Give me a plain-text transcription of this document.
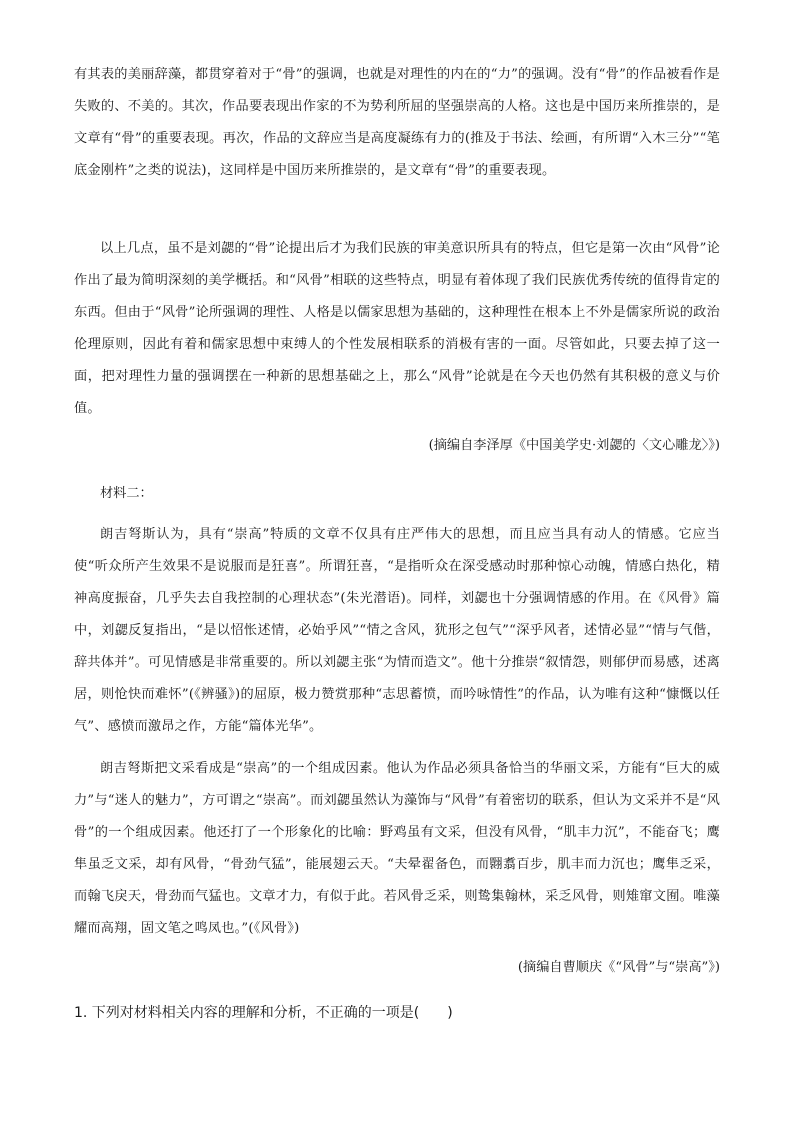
有其表的美丽辞藻，都贯穿着对于“骨”的强调，也就是对理性的内在的“力”的强调。没有“骨”的作品被看作是失败的、不美的。其次，作品要表现出作家的不为势利所屈的坚强崇高的人格。这也是中国历来所推崇的，是文章有“骨”的重要表现。再次，作品的文辞应当是高度凝练有力的(推及于书法、绘画，有所谓“入木三分”“笔底金刚杵”之类的说法)，这同样是中国历来所推崇的，是文章有“骨”的重要表现。

以上几点，虽不是刘勰的“骨”论提出后才为我们民族的审美意识所具有的特点，但它是第一次由“风骨”论作出了最为简明深刻的美学概括。和“风骨”相联的这些特点，明显有着体现了我们民族优秀传统的值得肯定的东西。但由于“风骨”论所强调的理性、人格是以儒家思想为基础的，这种理性在根本上不外是儒家所说的政治伦理原则，因此有着和儒家思想中束缚人的个性发展相联系的消极有害的一面。尽管如此，只要去掉了这一面，把对理性力量的强调摆在一种新的思想基础之上，那么“风骨”论就是在今天也仍然有其积极的意义与价值。

(摘编自李泽厚《中国美学史·刘勰的〈文心雕龙〉》)

材料二：

朗吉弩斯认为，具有“崇高”特质的文章不仅具有庄严伟大的思想，而且应当具有动人的情感。它应当使“听众所产生效果不是说服而是狂喜”。所谓狂喜，“是指听众在深受感动时那种惊心动魄，情感白热化，精神高度振奋，几乎失去自我控制的心理状态”(朱光潜语)。同样，刘勰也十分强调情感的作用。在《风骨》篇中，刘勰反复指出，“是以怊怅述情，必始乎风”“情之含风，犹形之包气”“深乎风者，述情必显”“情与气偕，辞共体并”。可见情感是非常重要的。所以刘勰主张“为情而造文”。他十分推崇“叙情怨，则郁伊而易感，述离居，则怆快而难怀”(《辨骚》)的屈原，极力赞赏那种“志思蓄愤，而吟咏情性”的作品，认为唯有这种“慷慨以任气”、感愤而激昂之作，方能“篇体光华”。

朗吉弩斯把文采看成是“崇高”的一个组成因素。他认为作品必须具备恰当的华丽文采，方能有“巨大的威力”与“迷人的魅力”，方可谓之“崇高”。而刘勰虽然认为藻饰与“风骨”有着密切的联系，但认为文采并不是“风骨”的一个组成因素。他还打了一个形象化的比喻：野鸡虽有文采，但没有风骨，“肌丰力沉”，不能奋飞；鹰隼虽乏文采，却有风骨，“骨劲气猛”，能展翅云天。“夫晕翟备色，而翾翥百步，肌丰而力沉也；鹰隼乏采，而翰飞戾天，骨劲而气猛也。文章才力，有似于此。若风骨乏采，则鸷集翰林，采乏风骨，则雉窜文囿。唯藻耀而高翔，固文笔之鸣凤也。”(《风骨》)

(摘编自曹顺庆《“风骨”与“崇高”》)

1. 下列对材料相关内容的理解和分析，不正确的一项是(　　)
